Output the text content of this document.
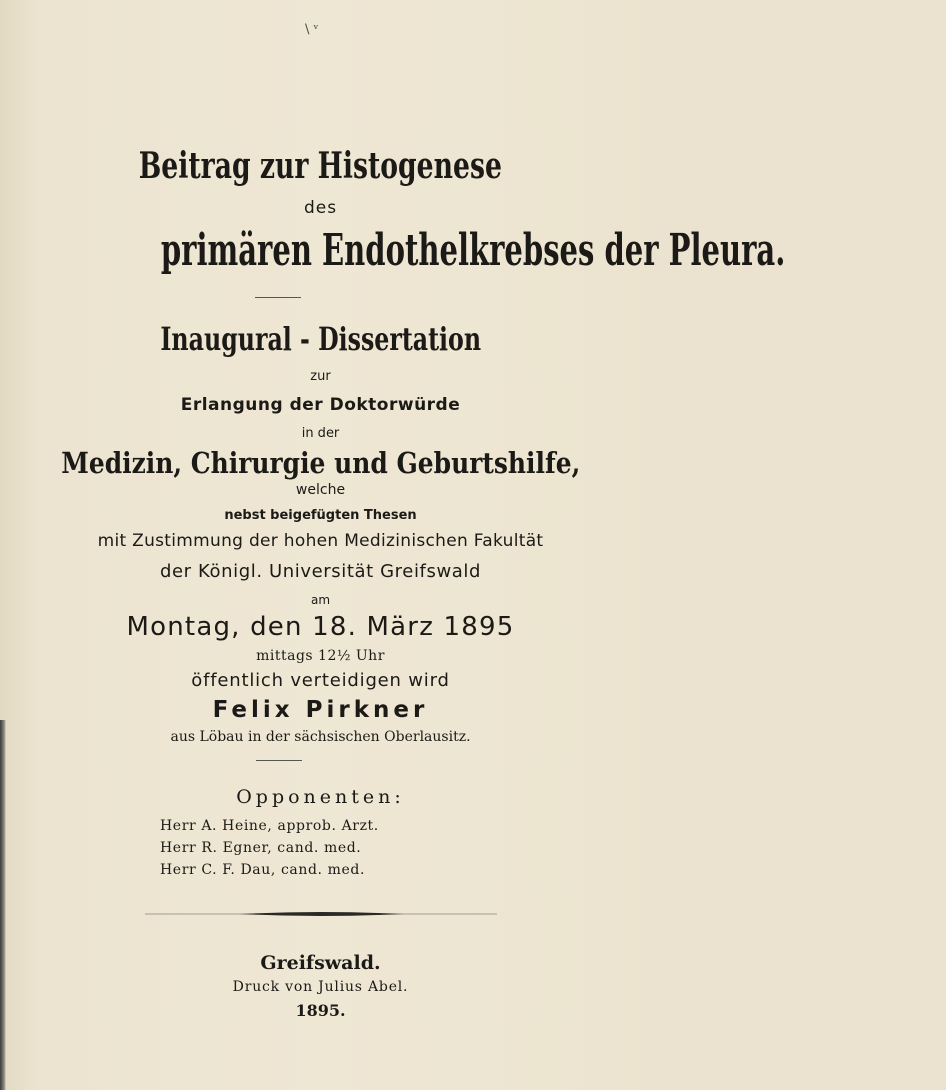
\ ᵛ
Beitrag zur Histogenese
des
primären Endothelkrebses der Pleura.
Inaugural - Dissertation
zur
Erlangung der Doktorwürde
in der
Medizin, Chirurgie und Geburtshilfe,
welche
nebst beigefügten Thesen
mit Zustimmung der hohen Medizinischen Fakultät
der Königl. Universität Greifswald
am
Montag, den 18. März 1895
mittags 12½ Uhr
öffentlich verteidigen wird
Felix Pirkner
aus Löbau in der sächsischen Oberlausitz.
Opponenten:
Herr A. Heine, approb. Arzt.
Herr R. Egner, cand. med.
Herr C. F. Dau, cand. med.
Greifswald.
Druck von Julius Abel.
1895.
